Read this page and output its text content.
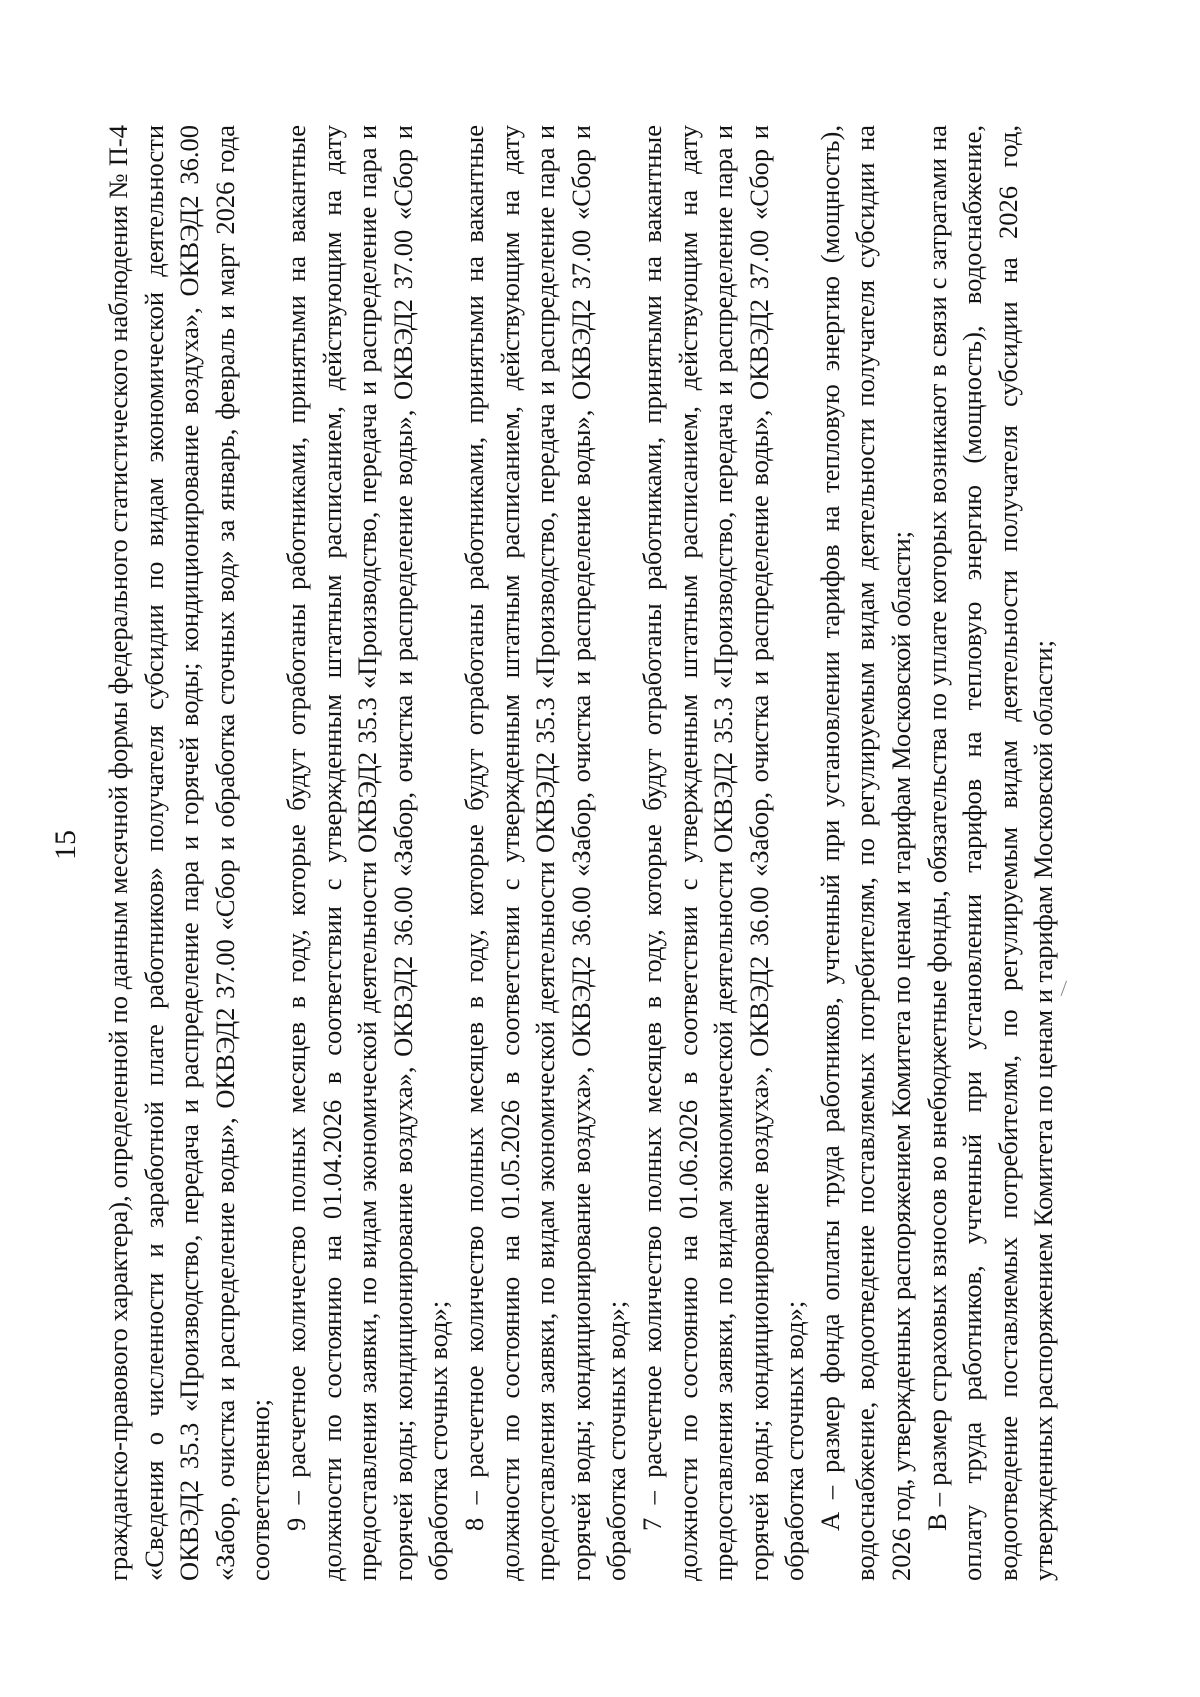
15 гражданско-правового характера), определенной по данным месячной формы федерального статистического наблюдения № П-4 «Сведения о численности и заработной плате работников» получателя субсидии по видам экономической деятельности ОКВЭД2 35.3 «Производство, передача и распределение пара и горячей воды; кондиционирование воздуха», ОКВЭД2 36.00 «Забор, очистка и распределение воды», ОКВЭД2 37.00 «Сбор и обработка сточных вод» за январь, февраль и март 2026 года соответственно; 9 – расчетное количество полных месяцев в году, которые будут отработаны работниками, принятыми на вакантные должности по состоянию на 01.04.2026 в соответствии с утвержденным штатным расписанием, действующим на дату предоставления заявки, по видам экономической деятельности ОКВЭД2 35.3 «Производство, передача и распределение пара и горячей воды; кондиционирование воздуха», ОКВЭД2 36.00 «Забор, очистка и распределение воды», ОКВЭД2 37.00 «Сбор и обработка сточных вод»; 8 – расчетное количество полных месяцев в году, которые будут отработаны работниками, принятыми на вакантные должности по состоянию на 01.05.2026 в соответствии с утвержденным штатным расписанием, действующим на дату предоставления заявки, по видам экономической деятельности ОКВЭД2 35.3 «Производство, передача и распределение пара и горячей воды; кондиционирование воздуха», ОКВЭД2 36.00 «Забор, очистка и распределение воды», ОКВЭД2 37.00 «Сбор и обработка сточных вод»; 7 – расчетное количество полных месяцев в году, которые будут отработаны работниками, принятыми на вакантные должности по состоянию на 01.06.2026 в соответствии с утвержденным штатным расписанием, действующим на дату предоставления заявки, по видам экономической деятельности ОКВЭД2 35.3 «Производство, передача и распределение пара и горячей воды; кондиционирование воздуха», ОКВЭД2 36.00 «Забор, очистка и распределение воды», ОКВЭД2 37.00 «Сбор и обработка сточных вод»; А – размер фонда оплаты труда работников, учтенный при установлении тарифов на тепловую энергию (мощность), водоснабжение, водоотведение поставляемых потребителям, по регулируемым видам деятельности получателя субсидии на 2026 год, утвержденных распоряжением Комитета по ценам и тарифам Московской области; В – размер страховых взносов во внебюджетные фонды, обязательства по уплате которых возникают в связи с затратами на оплату труда работников, учтенный при установлении тарифов на тепловую энергию (мощность), водоснабжение, водоотведение поставляемых потребителям, по регулируемым видам деятельности получателя субсидии на 2026 год, утвержденных распоряжением Комитета по ценам и тарифам Московской области;
